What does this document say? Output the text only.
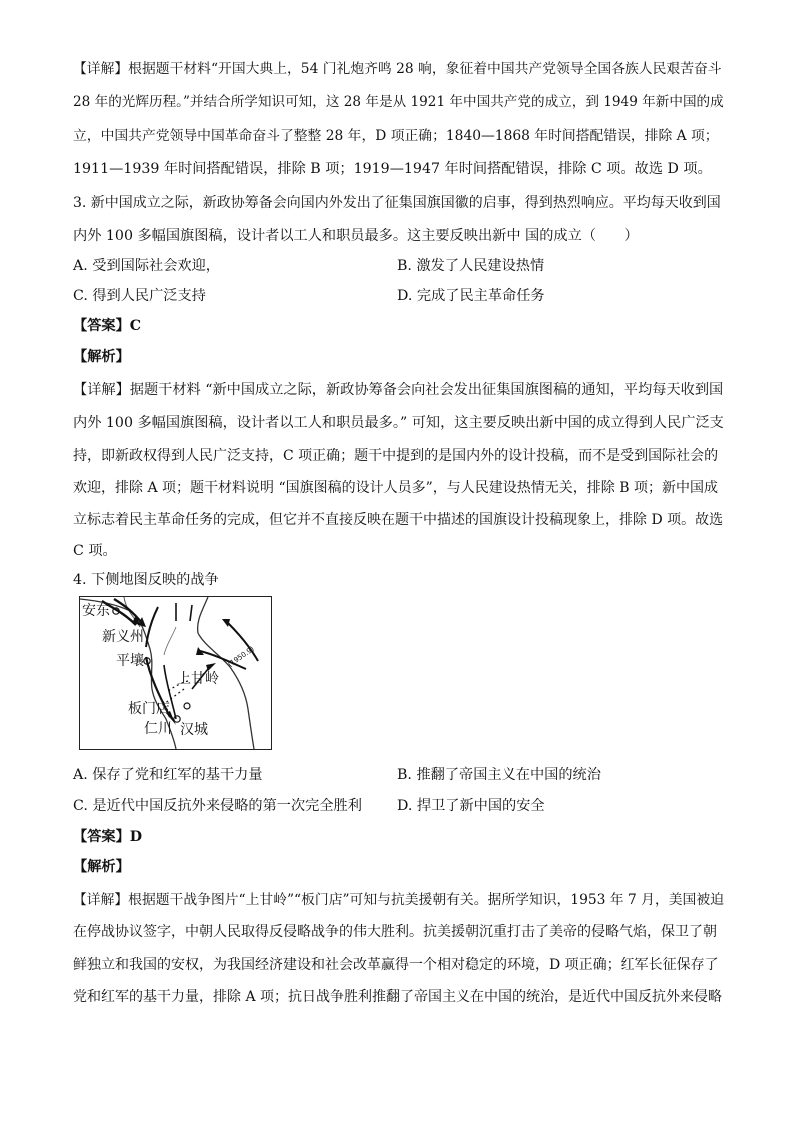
【详解】根据题干材料“开国大典上，54 门礼炮齐鸣 28 响，象征着中国共产党领导全国各族人民艰苦奋斗
28 年的光辉历程。”并结合所学知识可知，这 28 年是从 1921 年中国共产党的成立，到 1949 年新中国的成
立，中国共产党领导中国革命奋斗了整整 28 年，D 项正确；1840—1868 年时间搭配错误，排除 A 项；
1911—1939 年时间搭配错误，排除 B 项；1919—1947 年时间搭配错误，排除 C 项。故选 D 项。
3. 新中国成立之际，新政协筹备会向国内外发出了征集国旗国徽的启事，得到热烈响应。平均每天收到国
内外 100 多幅国旗图稿，设计者以工人和职员最多。这主要反映出新中 国的成立（　　）
A. 受到国际社会欢迎，	B. 激发了人民建设热情
C. 得到人民广泛支持	D. 完成了民主革命任务
【答案】C
【解析】
【详解】据题干材料 “新中国成立之际，新政协筹备会向社会发出征集国旗图稿的通知，平均每天收到国
内外 100 多幅国旗图稿，设计者以工人和职员最多。” 可知，这主要反映出新中国的成立得到人民广泛支
持，即新政权得到人民广泛支持，C 项正确；题干中提到的是国内外的设计投稿，而不是受到国际社会的
欢迎，排除 A 项；题干材料说明 “国旗图稿的设计人员多”，与人民建设热情无关，排除 B 项；新中国成
立标志着民主革命任务的完成，但它并不直接反映在题干中描述的国旗设计投稿现象上，排除 D 项。故选
C 项。
4. 下侧地图反映的战争
安东
新义州
平壤
上甘岭
板门店
仁川 汉城
(1950.9)
A. 保存了党和红军的基干力量	B. 推翻了帝国主义在中国的统治
C. 是近代中国反抗外来侵略的第一次完全胜利 D. 捍卫了新中国的安全
【答案】D
【解析】
【详解】根据题干战争图片“上甘岭”“板门店”可知与抗美援朝有关。据所学知识，1953 年 7 月，美国被迫
在停战协议签字，中朝人民取得反侵略战争的伟大胜利。抗美援朝沉重打击了美帝的侵略气焰，保卫了朝
鲜独立和我国的安权，为我国经济建设和社会改革赢得一个相对稳定的环境，D 项正确；红军长征保存了
党和红军的基干力量，排除 A 项；抗日战争胜利推翻了帝国主义在中国的统治，是近代中国反抗外来侵略
